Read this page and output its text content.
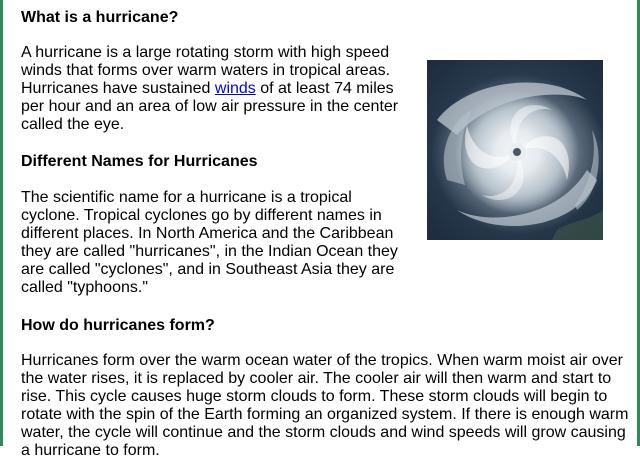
What is a hurricane?

A hurricane is a large rotating storm with high speed winds that forms over warm waters in tropical areas. Hurricanes have sustained winds of at least 74 miles per hour and an area of low air pressure in the center called the eye.

Different Names for Hurricanes

The scientific name for a hurricane is a tropical cyclone. Tropical cyclones go by different names in different places. In North America and the Caribbean they are called "hurricanes", in the Indian Ocean they are called "cyclones", and in Southeast Asia they are called "typhoons."

How do hurricanes form?

Hurricanes form over the warm ocean water of the tropics. When warm moist air over the water rises, it is replaced by cooler air. The cooler air will then warm and start to rise. This cycle causes huge storm clouds to form. These storm clouds will begin to rotate with the spin of the Earth forming an organized system. If there is enough warm water, the cycle will continue and the storm clouds and wind speeds will grow causing a hurricane to form.
